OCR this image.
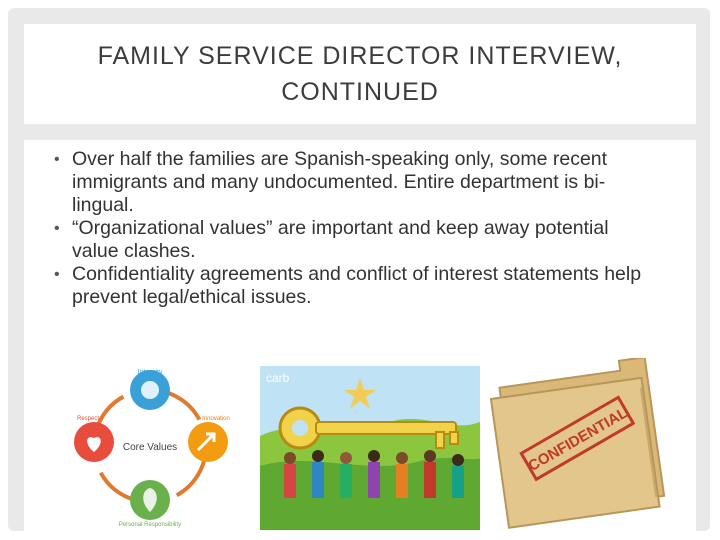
FAMILY SERVICE DIRECTOR INTERVIEW,
CONTINUED
• Over half the families are Spanish-speaking only, some recent immigrants and many undocumented. Entire department is bi-lingual.
• “Organizational values” are important and keep away potential value clashes.
• Confidentiality agreements and conflict of interest statements help prevent legal/ethical issues.
Integrity
Innovation
Personal Responsibility
Respect
Core Values
carb
CONFIDENTIAL
